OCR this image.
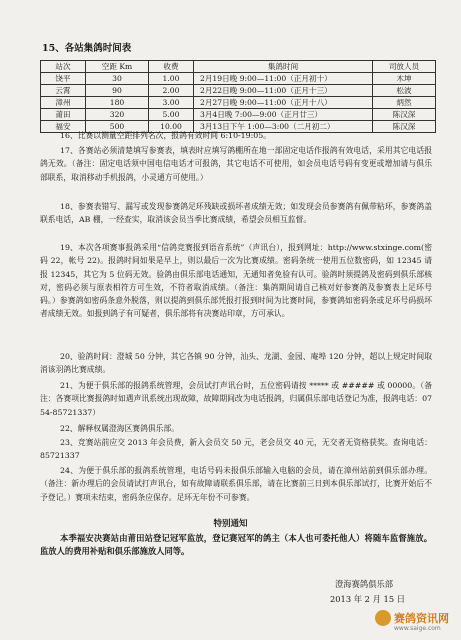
15、各站集鸽时间表
站次	空距 Km	收费	集鸽时间	司放人员
饶平	30	1.00	2月19日晚 9:00—11:00（正月初十）	木坤
云霄	90	2.00	2月22日晚 9:00—11:00（正月十三）	松波
漳州	180	3.00	2月27日晚 9:00—11:00（正月十八）	炳然
莆田	320	5.00	3月4日晚 7:00—9:00（正月廿三）	陈汉深
福安	500	10.00	3月13日下午 1:00—3:00（二月初二）	陈汉深

16、比赛以测量空距排列名次，报鸽有效时间 6:10-19:05。

17、各赛站必须清楚填写参赛表，填表时应填写鸽棚所在地一部固定电话作报鸽有效电话，采用其它电话报鸽无效。（备注：固定电话须中国电信电话才可报鸽，其它电话不可使用，如会员电话号码有变更或增加请与俱乐部联系，取消移动手机报鸽，小灵通方可使用。）

18、参赛表错写、漏写或发现参赛鸽足环残缺或损坏者成绩无效；如发现会员参赛鸽有佩带粘环，参赛鸽盖联系电话，AB 棚，一经查实，取消该会员当季比赛成绩，希望会员相互监督。

19、本次各项赛事报鸽采用“信鸽竞赛报到语音系统”（声讯台），报到网址：http://www.stxinge.com(密码 22，帐号 22)。报鸽时间如果是早上，则以最后一次为比赛成绩。密码条统一使用五位数密码，如 12345 请报 12345，其它为 5 位码无效。验鸽由俱乐部电话通知，无通知者免验有认可。验鸽时须提鸽及密码到俱乐部核对，密码必须与原表相符方可生效，不符者取消成绩。（备注：集鸽期间请自己核对好参赛鸽及参赛表上足环号码。）参赛鸽如密码条意外脱落，则以提鸽到俱乐部凭报打报到时间为比赛时间，参赛鸽如密码条或足环号码损坏者成绩无效。如报到鸽子有可疑者，俱乐部将有决赛站印章，方可承认。

20、验鸽时间：澄城 50 分钟，其它各镇 90 分钟，汕头、龙湖、金园、庵埠 120 分钟，超以上规定时间取消该羽鸽比赛成绩。

21、为便于俱乐部的报鸽系统管理，会员试打声讯台时，五位密码请按 ***** 或 ##### 或 00000。（备注：各赛项比赛报鸽时如遇声讯系统出现故障，故障期间改为电话报鸽，归属俱乐部电话登记为准，报鸽电话：0754-85721337）

22、解释权属澄海区赛鸽俱乐部。

23、竞赛站前应交 2013 年会员费，新入会员交 50 元，老会员交 40 元，无交者无资格获奖。查询电话：85721337

24、为便于俱乐部的报鸽系统管理，电话号码未报俱乐部输入电脑的会员，请在漳州站前到俱乐部办理。（备注：新办理后的会员请试打声讯台，如有故障请联系俱乐部，请在比赛前三日到本俱乐部试打，比赛开始后不予登记。）赛项未结束，密码条应保存。足环无年份不可参赛。

特别通知

本季福安决赛站由莆田站登记冠军监放，登记赛冠军的鸽主（本人也可委托他人）将随车监督施放。监放人的费用补贴和俱乐部施放人同等。

澄海赛鸽俱乐部
2013 年 2 月 15 日
赛鸽资讯网
www.saige.com
